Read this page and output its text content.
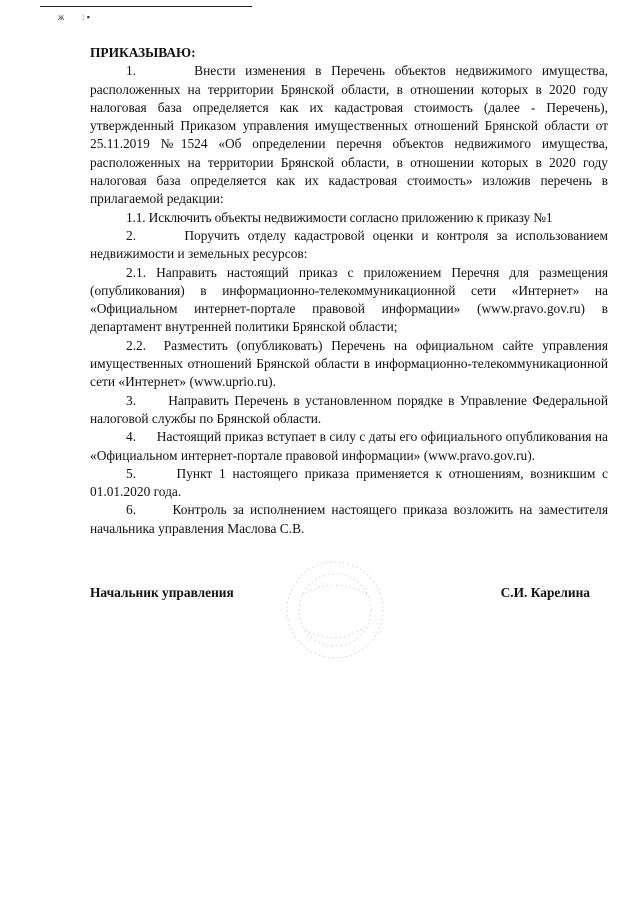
ж ː ▪

ПРИКАЗЫВАЮ:

1.      Внести изменения в Перечень объектов недвижимого имущества, расположенных на территории Брянской области, в отношении которых в 2020 году налоговая база определяется как их кадастровая стоимость (далее - Перечень), утвержденный Приказом управления имущественных отношений Брянской области от 25.11.2019 №1524 «Об определении перечня объектов недвижимого имущества, расположенных на территории Брянской области, в отношении которых в 2020 году налоговая база определяется как их кадастровая стоимость» изложив перечень в прилагаемой редакции:

1.1. Исключить объекты недвижимости согласно приложению к приказу №1

2.      Поручить отделу кадастровой оценки и контроля за использованием недвижимости и земельных ресурсов:

2.1. Направить настоящий приказ с приложением Перечня для размещения (опубликования) в информационно-телекоммуникационной сети «Интернет» на «Официальном интернет-портале правовой информации» (www.pravo.gov.ru) в департамент внутренней политики Брянской области;

2.2.  Разместить (опубликовать) Перечень на официальном сайте управления имущественных отношений Брянской области в информационно-телекоммуникационной сети «Интернет» (www.uprio.ru).

3.      Направить Перечень в установленном порядке в Управление Федеральной налоговой службы по Брянской области.

4.      Настоящий приказ вступает в силу с даты его официального опубликования на «Официальном интернет-портале правовой информации» (www.pravo.gov.ru).

5.      Пункт 1 настоящего приказа применяется к отношениям, возникшим с 01.01.2020 года.

6.      Контроль за исполнением настоящего приказа возложить на заместителя начальника управления Маслова С.В.

Начальник управления	С.И. Карелина
